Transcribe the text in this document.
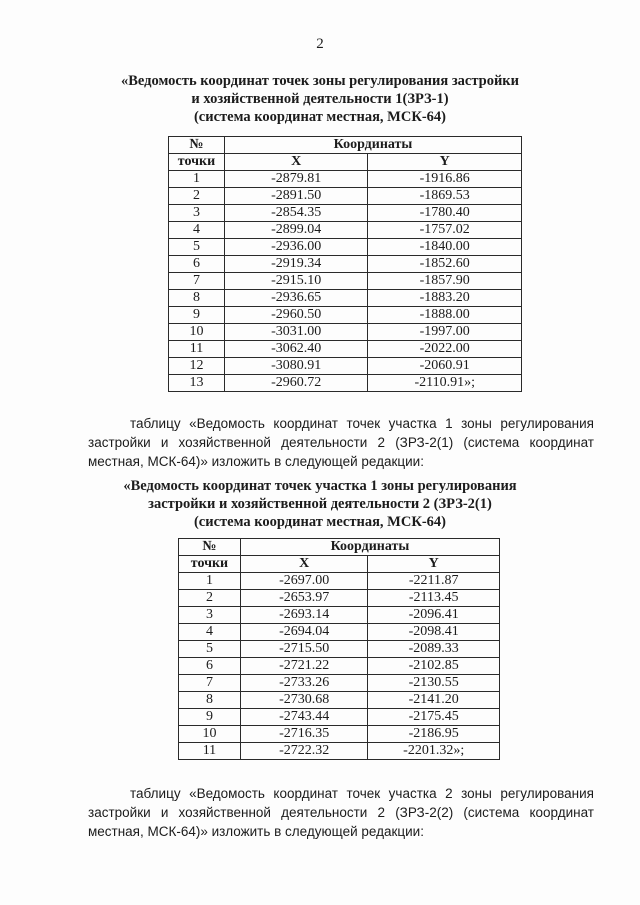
2
«Ведомость координат точек зоны регулирования застройки
и хозяйственной деятельности 1(ЗРЗ-1)
(система координат местная, МСК-64)
№	Координаты	
точки	X	Y
1	-2879.81	-1916.86
2	-2891.50	-1869.53
3	-2854.35	-1780.40
4	-2899.04	-1757.02
5	-2936.00	-1840.00
6	-2919.34	-1852.60
7	-2915.10	-1857.90
8	-2936.65	-1883.20
9	-2960.50	-1888.00
10	-3031.00	-1997.00
11	-3062.40	-2022.00
12	-3080.91	-2060.91
13	-2960.72	-2110.91»;
таблицу «Ведомость координат точек участка 1 зоны регулирования застройки и хозяйственной деятельности 2 (ЗРЗ-2(1) (система координат местная, МСК-64)» изложить в следующей редакции:
«Ведомость координат точек участка 1 зоны регулирования
застройки и хозяйственной деятельности 2 (ЗРЗ-2(1)
(система координат местная, МСК-64)
№	Координаты	
точки	X	Y
1	-2697.00	-2211.87
2	-2653.97	-2113.45
3	-2693.14	-2096.41
4	-2694.04	-2098.41
5	-2715.50	-2089.33
6	-2721.22	-2102.85
7	-2733.26	-2130.55
8	-2730.68	-2141.20
9	-2743.44	-2175.45
10	-2716.35	-2186.95
11	-2722.32	-2201.32»;
таблицу «Ведомость координат точек участка 2 зоны регулирования застройки и хозяйственной деятельности 2 (ЗРЗ-2(2) (система координат местная, МСК-64)» изложить в следующей редакции:
